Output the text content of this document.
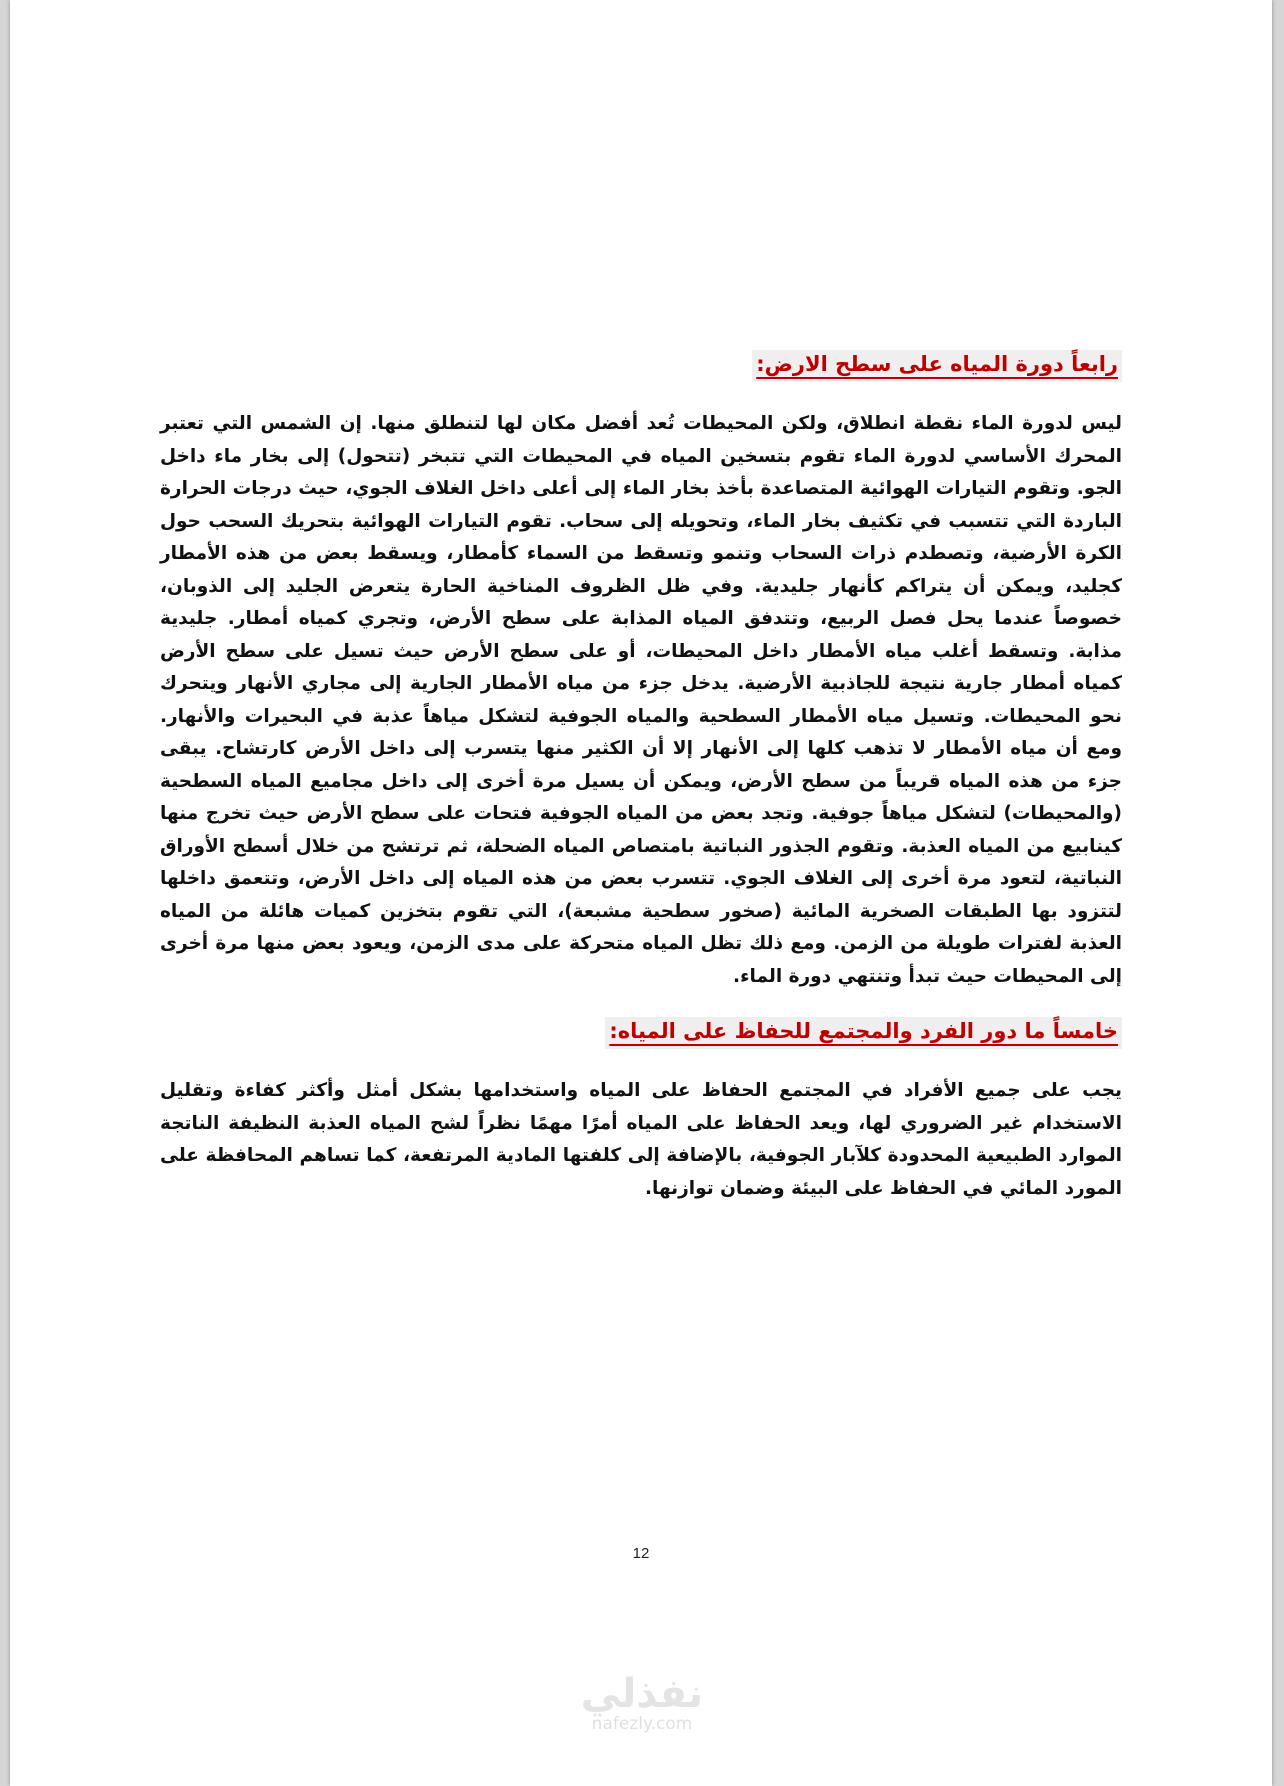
رابعاً دورة المياه على سطح الارض:

ليس لدورة الماء نقطة انطلاق، ولكن المحيطات تُعد أفضل مكان لها لتنطلق منها. إن الشمس التي تعتبر المحرك الأساسي لدورة الماء تقوم بتسخين المياه في المحيطات التي تتبخر (تتحول) إلى بخار ماء داخل الجو. وتقوم التيارات الهوائية المتصاعدة بأخذ بخار الماء إلى أعلى داخل الغلاف الجوي، حيث درجات الحرارة الباردة التي تتسبب في تكثيف بخار الماء، وتحويله إلى سحاب. تقوم التيارات الهوائية بتحريك السحب حول الكرة الأرضية، وتصطدم ذرات السحاب وتنمو وتسقط من السماء كأمطار، ويسقط بعض من هذه الأمطار كجليد، ويمكن أن يتراكم كأنهار جليدية. وفي ظل الظروف المناخية الحارة يتعرض الجليد إلى الذوبان، خصوصاً عندما يحل فصل الربيع، وتتدفق المياه المذابة على سطح الأرض، وتجري كمياه أمطار. جليدية مذابة. وتسقط أغلب مياه الأمطار داخل المحيطات، أو على سطح الأرض حيث تسيل على سطح الأرض كمياه أمطار جارية نتيجة للجاذبية الأرضية. يدخل جزء من مياه الأمطار الجارية إلى مجاري الأنهار ويتحرك نحو المحيطات. وتسيل مياه الأمطار السطحية والمياه الجوفية لتشكل مياهاً عذبة في البحيرات والأنهار. ومع أن مياه الأمطار لا تذهب كلها إلى الأنهار إلا أن الكثير منها يتسرب إلى داخل الأرض كارتشاح. يبقى جزء من هذه المياه قريباً من سطح الأرض، ويمكن أن يسيل مرة أخرى إلى داخل مجاميع المياه السطحية (والمحيطات) لتشكل مياهاً جوفية. وتجد بعض من المياه الجوفية فتحات على سطح الأرض حيث تخرج منها كينابيع من المياه العذبة. وتقوم الجذور النباتية بامتصاص المياه الضحلة، ثم ترتشح من خلال أسطح الأوراق النباتية، لتعود مرة أخرى إلى الغلاف الجوي. تتسرب بعض من هذه المياه إلى داخل الأرض، وتتعمق داخلها لتتزود بها الطبقات الصخرية المائية (صخور سطحية مشبعة)، التي تقوم بتخزين كميات هائلة من المياه العذبة لفترات طويلة من الزمن. ومع ذلك تظل المياه متحركة على مدى الزمن، ويعود بعض منها مرة أخرى إلى المحيطات حيث تبدأ وتنتهي دورة الماء.

خامساً ما دور الفرد والمجتمع للحفاظ على المياه:

يجب على جميع الأفراد في المجتمع الحفاظ على المياه واستخدامها بشكل أمثل وأكثر كفاءة وتقليل الاستخدام غير الضروري لها، ويعد الحفاظ على المياه أمرًا مهمًا نظراً لشح المياه العذبة النظيفة الناتجة الموارد الطبيعية المحدودة كلآبار الجوفية، بالإضافة إلى كلفتها المادية المرتفعة، كما تساهم المحافظة على المورد المائي في الحفاظ على البيئة وضمان توازنها.

12
نفذلي
nafezly.com
